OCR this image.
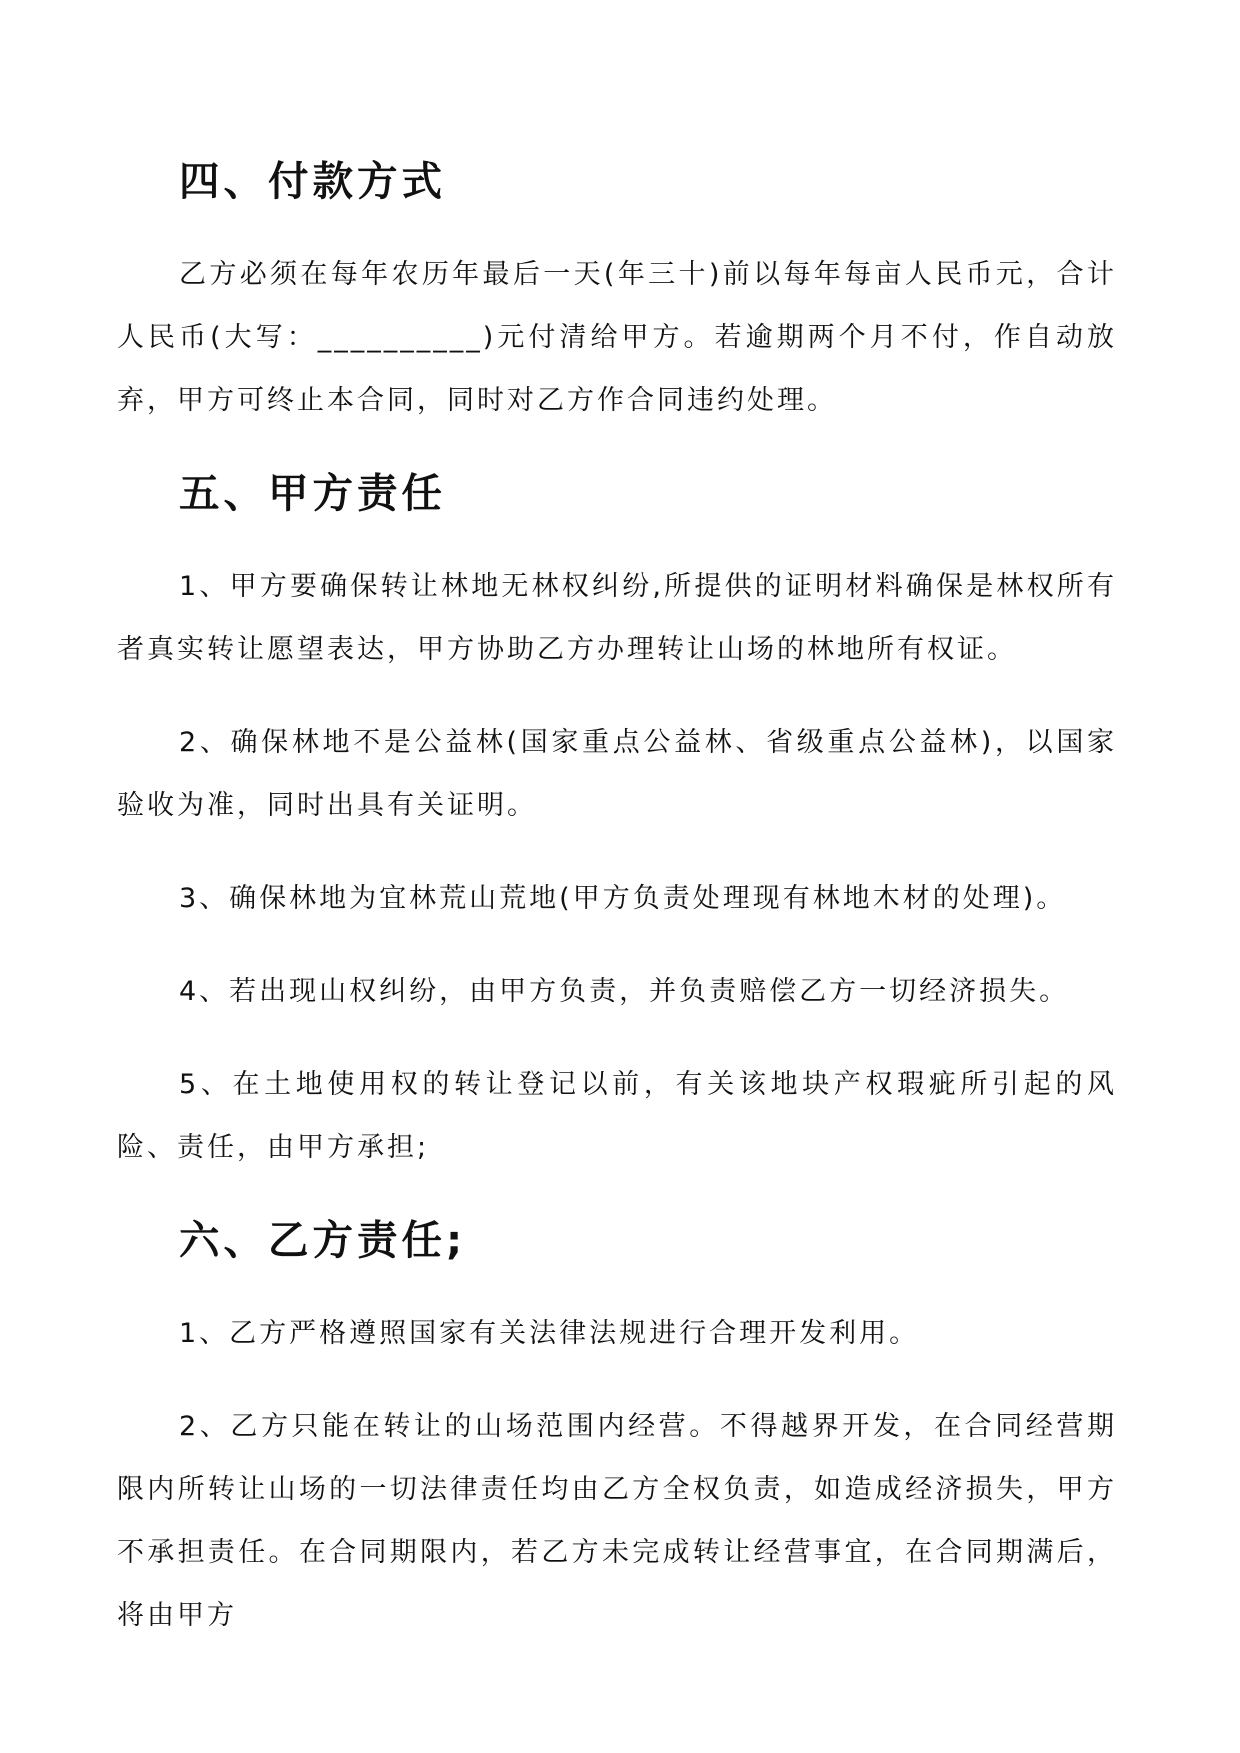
四、付款方式

乙方必须在每年农历年最后一天(年三十)前以每年每亩人民币元，合计人民币(大写：__________)元付清给甲方。若逾期两个月不付，作自动放弃，甲方可终止本合同，同时对乙方作合同违约处理。

五、甲方责任

1、甲方要确保转让林地无林权纠纷,所提供的证明材料确保是林权所有者真实转让愿望表达，甲方协助乙方办理转让山场的林地所有权证。

2、确保林地不是公益林(国家重点公益林、省级重点公益林)，以国家验收为准，同时出具有关证明。

3、确保林地为宜林荒山荒地(甲方负责处理现有林地木材的处理)。

4、若出现山权纠纷，由甲方负责，并负责赔偿乙方一切经济损失。

5、在土地使用权的转让登记以前，有关该地块产权瑕疵所引起的风险、责任，由甲方承担;

六、乙方责任;

1、乙方严格遵照国家有关法律法规进行合理开发利用。

2、乙方只能在转让的山场范围内经营。不得越界开发，在合同经营期限内所转让山场的一切法律责任均由乙方全权负责，如造成经济损失，甲方不承担责任。在合同期限内，若乙方未完成转让经营事宜，在合同期满后，将由甲方
